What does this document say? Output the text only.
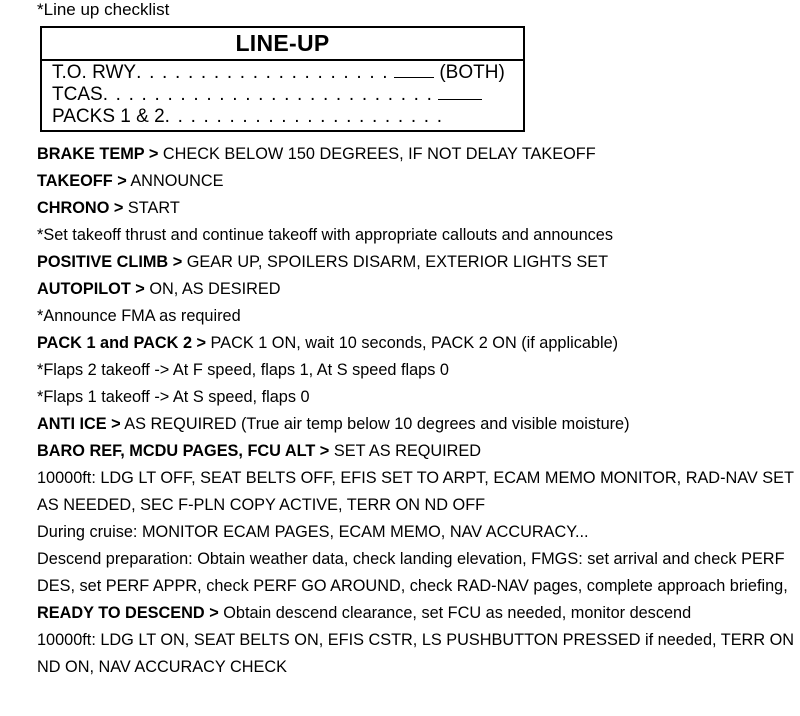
*Line up checklist
LINE-UP
T.O. RWY. . . . . . . . . . . . . . . . . . . .	(BOTH)
TCAS. . . . . . . . . . . . . . . . . . . . . . . . . .
PACKS 1 & 2. . . . . . . . . . . . . . . . . . . . . .
BRAKE TEMP > CHECK BELOW 150 DEGREES, IF NOT DELAY TAKEOFF
TAKEOFF > ANNOUNCE
CHRONO > START
*Set takeoff thrust and continue takeoff with appropriate callouts and announces
POSITIVE CLIMB > GEAR UP, SPOILERS DISARM, EXTERIOR LIGHTS SET
AUTOPILOT > ON, AS DESIRED
*Announce FMA as required
PACK 1 and PACK 2 > PACK 1 ON, wait 10 seconds, PACK 2 ON (if applicable)
*Flaps 2 takeoff -> At F speed, flaps 1, At S speed flaps 0
*Flaps 1 takeoff -> At S speed, flaps 0
ANTI ICE > AS REQUIRED (True air temp below 10 degrees and visible moisture)
BARO REF, MCDU PAGES, FCU ALT > SET AS REQUIRED
10000ft: LDG LT OFF, SEAT BELTS OFF, EFIS SET TO ARPT, ECAM MEMO MONITOR, RAD-NAV SET AS NEEDED, SEC F-PLN COPY ACTIVE, TERR ON ND OFF
During cruise: MONITOR ECAM PAGES, ECAM MEMO, NAV ACCURACY...
Descend preparation: Obtain weather data, check landing elevation, FMGS: set arrival and check PERF DES, set PERF APPR, check PERF GO AROUND, check RAD-NAV pages, complete approach briefing,
READY TO DESCEND > Obtain descend clearance, set FCU as needed, monitor descend
10000ft: LDG LT ON, SEAT BELTS ON, EFIS CSTR, LS PUSHBUTTON PRESSED if needed, TERR ON ND ON, NAV ACCURACY CHECK
